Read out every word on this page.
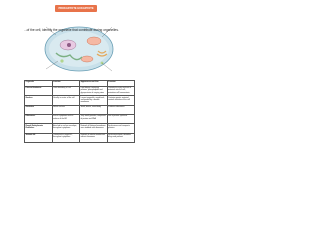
PROKARYOTE EUKARYOTE
...of the cell, identify the organelle that contribute during organelles.
Organelle	Location	Appearance and Size	Function
Plasma Membrane	Outer boundary of cell	Lipid bilayer containing proteins, phospholipids and glycoproteins of varying sizes	Controls the entry and exit of materials into the cell; maintains cell homeostasis
Nucleus	Usually in center of the cell	Largest organelle, round/oval; surrounded by a double membrane	Contains genetic material; controls activities of the cell
Nucleolus	Within nucleus	Small, dense, round body	Produces ribosomes
Ribosomes	Free in cytoplasm and on surface of the ER	Very small granules; composed of protein and RNA	Site of protein synthesis
Rough Endoplasmic Reticulum	Attached to nuclear envelope, throughout cytoplasm	Network of flattened membrane sacs studded with ribosomes	Synthesizes and transports proteins
Smooth ER	Connected to rough ER, throughout cytoplasm	Network of tubular membranes without ribosomes	Synthesizes lipids; detoxifies drugs and poisons
